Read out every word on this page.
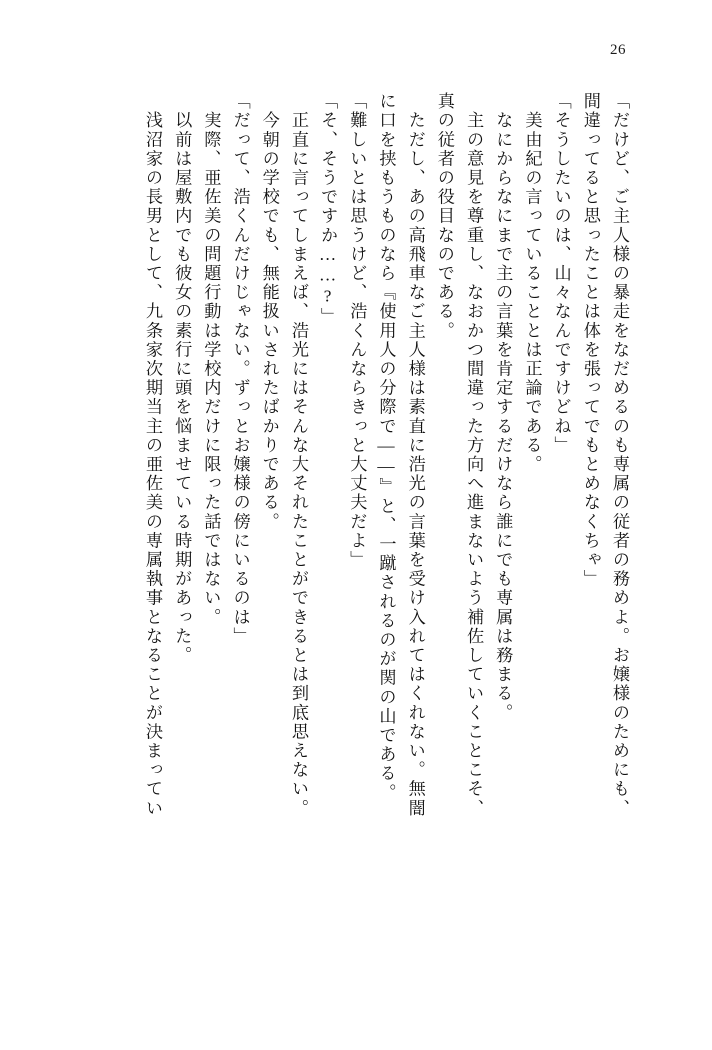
26
「だけど、ご主人様の暴走をなだめるのも専属の従者の務めよ。お嬢様のためにも、
間違ってると思ったことは体を張ってでもとめなくちゃ」
「そうしたいのは、山々なんですけどね」
　美由紀の言っていることとは正論である。
　なにからなにまで主の言葉を肯定するだけなら誰にでも専属は務まる。
　主の意見を尊重し、なおかつ間違った方向へ進まないよう補佐していくことこそ、
真の従者の役目なのである。
　ただし、あの高飛車なご主人様は素直に浩光の言葉を受け入れてはくれない。無闇
に口を挟もうものなら『使用人の分際で――』と、一蹴されるのが関の山である。
「難しいとは思うけど、浩くんならきっと大丈夫だよ」
「そ、そうですか……?」
　正直に言ってしまえば、浩光にはそんな大それたことができるとは到底思えない。
　今朝の学校でも、無能扱いされたばかりである。
「だって、浩くんだけじゃない。ずっとお嬢様の傍にいるのは」
　実際、亜佐美の問題行動は学校内だけに限った話ではない。
　以前は屋敷内でも彼女の素行に頭を悩ませている時期があった。
　浅沼家の長男として、九条家次期当主の亜佐美の専属執事となることが決まってい
